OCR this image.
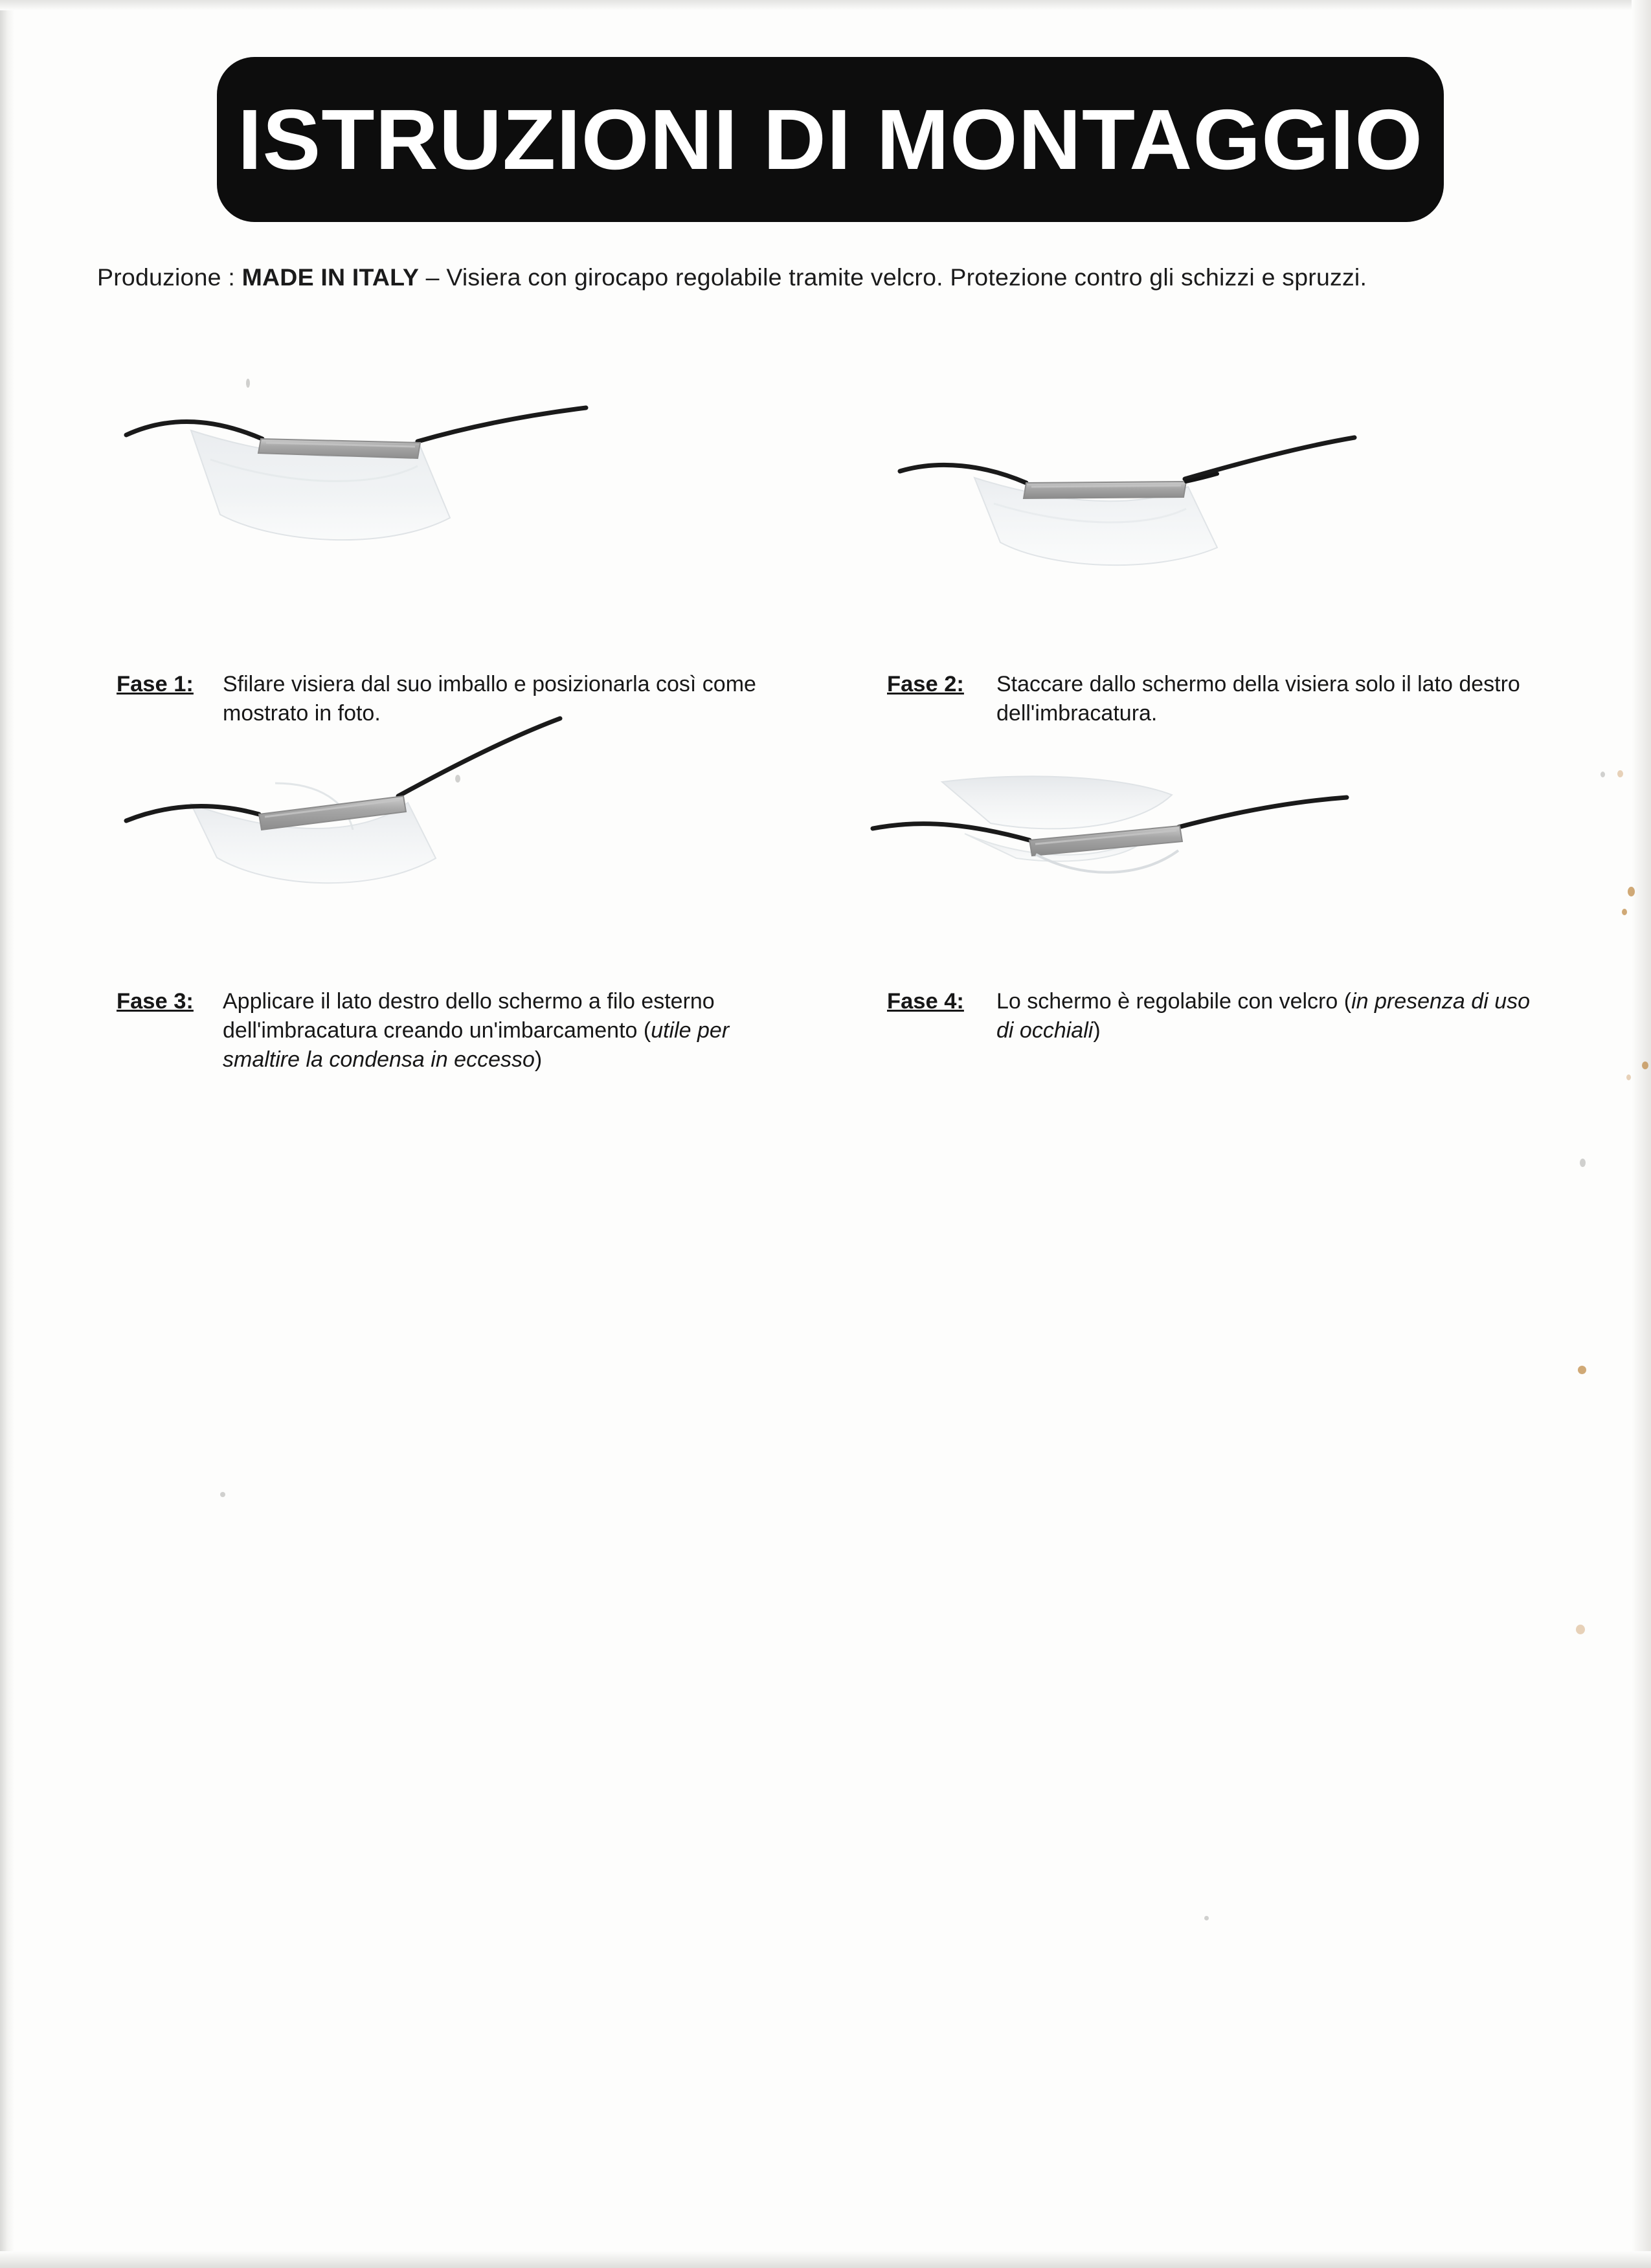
ISTRUZIONI DI MONTAGGIO
Produzione : MADE IN ITALY – Visiera con girocapo regolabile tramite velcro. Protezione contro gli schizzi e spruzzi.
Fase 1:	Sfilare visiera dal suo imballo e posizionarla così come mostrato in foto.
Fase 2:	Staccare dallo schermo della visiera solo il lato destro dell'imbracatura.
Fase 3:	Applicare il lato destro dello schermo a filo esterno dell'imbracatura creando un'imbarcamento (utile per smaltire la condensa in eccesso)
Fase 4:	Lo schermo è regolabile con velcro (in presenza di uso di occhiali)
